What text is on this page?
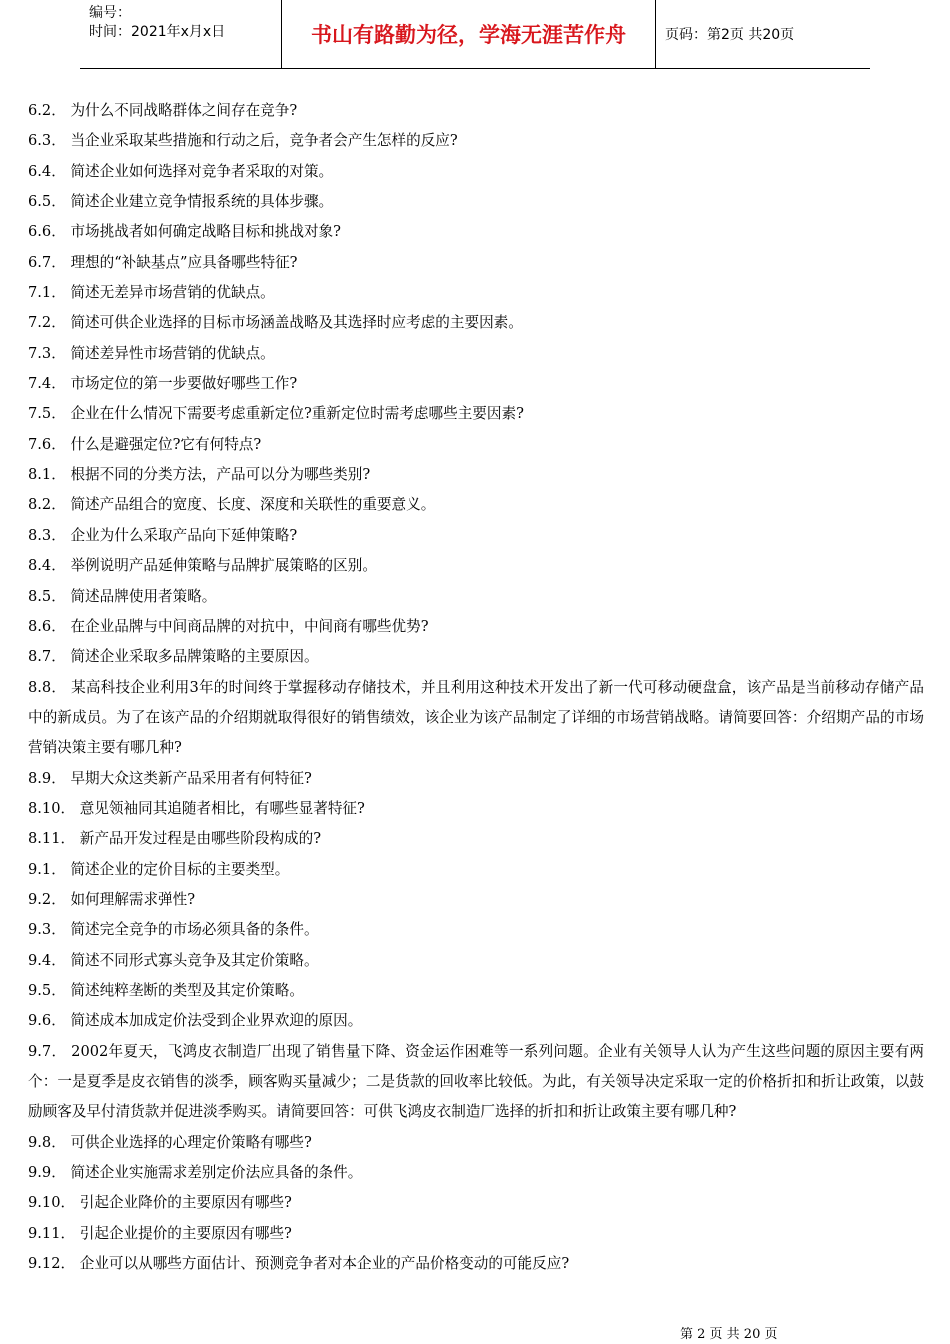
编号：
时间：2021年x月x日	书山有路勤为径，学海无涯苦作舟	页码：第2页 共20页

6.2． 为什么不同战略群体之间存在竞争?

6.3． 当企业采取某些措施和行动之后，竞争者会产生怎样的反应?

6.4． 简述企业如何选择对竞争者采取的对策。

6.5． 简述企业建立竞争情报系统的具体步骤。

6.6． 市场挑战者如何确定战略目标和挑战对象?

6.7． 理想的“补缺基点”应具备哪些特征?

7.1． 简述无差异市场营销的优缺点。

7.2． 简述可供企业选择的目标市场涵盖战略及其选择时应考虑的主要因素。

7.3． 简述差异性市场营销的优缺点。

7.4． 市场定位的第一步要做好哪些工作?

7.5． 企业在什么情况下需要考虑重新定位?重新定位时需考虑哪些主要因素?

7.6． 什么是避强定位?它有何特点?

8.1． 根据不同的分类方法，产品可以分为哪些类别?

8.2． 简述产品组合的宽度、长度、深度和关联性的重要意义。

8.3． 企业为什么采取产品向下延伸策略?

8.4． 举例说明产品延伸策略与品牌扩展策略的区别。

8.5． 简述品牌使用者策略。

8.6． 在企业品牌与中间商品牌的对抗中，中间商有哪些优势?

8.7． 简述企业采取多品牌策略的主要原因。

8.8． 某高科技企业利用3年的时间终于掌握移动存储技术，并且利用这种技术开发出了新一代可移动硬盘盒，该产品是当前移动存储产品中的新成员。为了在该产品的介绍期就取得很好的销售绩效，该企业为该产品制定了详细的市场营销战略。请简要回答：介绍期产品的市场营销决策主要有哪几种?

8.9． 早期大众这类新产品采用者有何特征?

8.10． 意见领袖同其追随者相比，有哪些显著特征?

8.11． 新产品开发过程是由哪些阶段构成的?

9.1． 简述企业的定价目标的主要类型。

9.2． 如何理解需求弹性?

9.3． 简述完全竞争的市场必须具备的条件。

9.4． 简述不同形式寡头竞争及其定价策略。

9.5． 简述纯粹垄断的类型及其定价策略。

9.6． 简述成本加成定价法受到企业界欢迎的原因。

9.7． 2002年夏天，飞鸿皮衣制造厂出现了销售量下降、资金运作困难等一系列问题。企业有关领导人认为产生这些问题的原因主要有两个：一是夏季是皮衣销售的淡季，顾客购买量减少；二是货款的回收率比较低。为此，有关领导决定采取一定的价格折扣和折让政策，以鼓励顾客及早付清货款并促进淡季购买。请简要回答：可供飞鸿皮衣制造厂选择的折扣和折让政策主要有哪几种?

9.8． 可供企业选择的心理定价策略有哪些?

9.9． 简述企业实施需求差别定价法应具备的条件。

9.10． 引起企业降价的主要原因有哪些?

9.11． 引起企业提价的主要原因有哪些?

9.12． 企业可以从哪些方面估计、预测竞争者对本企业的产品价格变动的可能反应?

第 2 页 共 20 页
